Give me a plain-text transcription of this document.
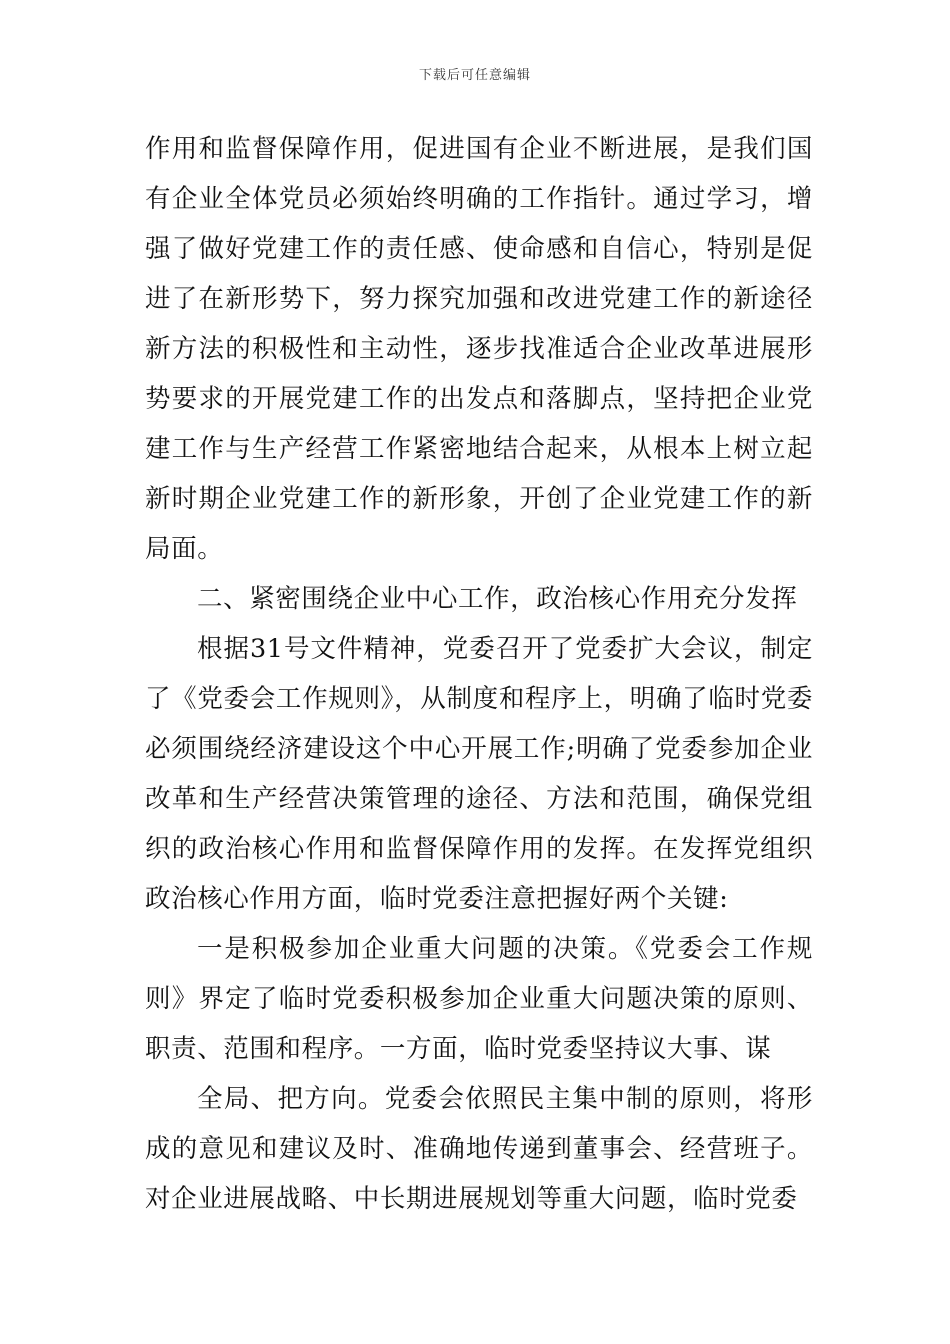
下载后可任意编辑

作用和监督保障作用，促进国有企业不断进展，是我们国有企业全体党员必须始终明确的工作指针。通过学习，增强了做好党建工作的责任感、使命感和自信心，特别是促进了在新形势下，努力探究加强和改进党建工作的新途径新方法的积极性和主动性，逐步找准适合企业改革进展形势要求的开展党建工作的出发点和落脚点，坚持把企业党建工作与生产经营工作紧密地结合起来，从根本上树立起新时期企业党建工作的新形象，开创了企业党建工作的新局面。

二、紧密围绕企业中心工作，政治核心作用充分发挥

根据31号文件精神，党委召开了党委扩大会议，制定了《党委会工作规则》，从制度和程序上，明确了临时党委必须围绕经济建设这个中心开展工作;明确了党委参加企业改革和生产经营决策管理的途径、方法和范围，确保党组织的政治核心作用和监督保障作用的发挥。在发挥党组织政治核心作用方面，临时党委注意把握好两个关键:

一是积极参加企业重大问题的决策。《党委会工作规则》界定了临时党委积极参加企业重大问题决策的原则、职责、范围和程序。一方面，临时党委坚持议大事、谋

全局、把方向。党委会依照民主集中制的原则，将形成的意见和建议及时、准确地传递到董事会、经营班子。对企业进展战略、中长期进展规划等重大问题，临时党委
